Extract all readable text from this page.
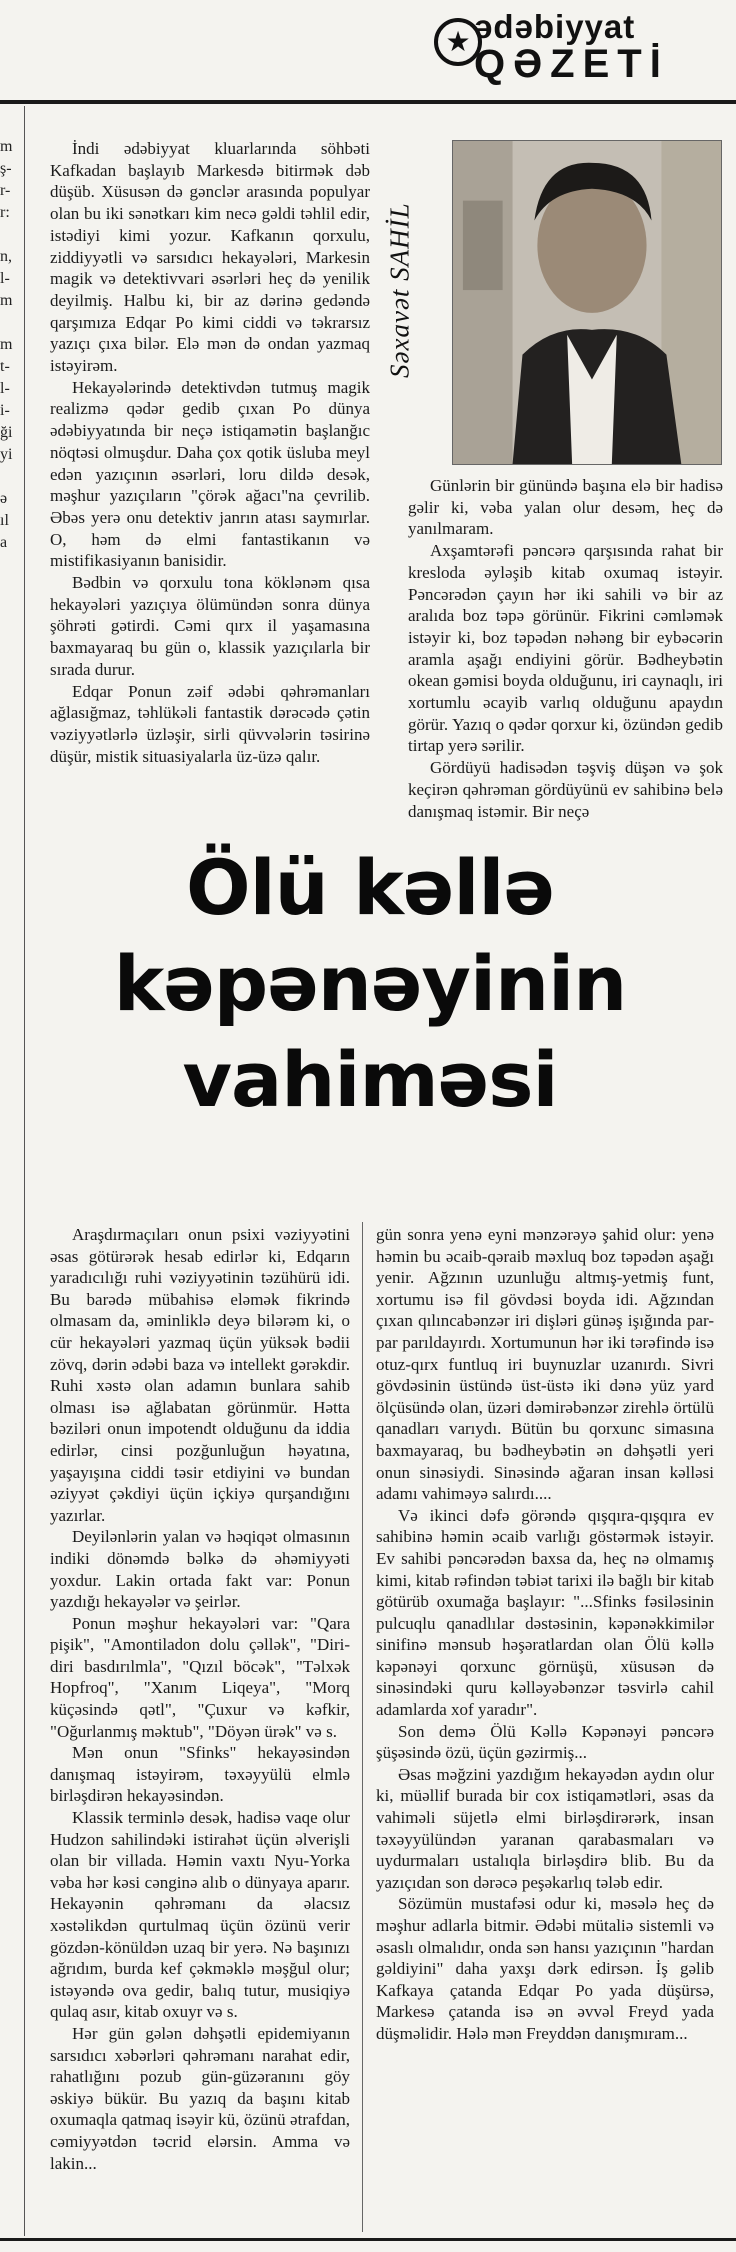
★ ədəbiyyat
QƏZETİ
m
ş-
r-
r:
n,
l-
m
m
t-
l-
i-
ği
yi
ə
ıl
a

İndi ədəbiyyat kluarlarında söhbəti Kafkadan başlayıb Markesdə bitirmək dəb düşüb. Xüsusən də gənclər arasında populyar olan bu iki sənətkarı kim necə gəldi təhlil edir, istədiyi kimi yozur. Kafkanın qorxulu, ziddiyyətli və sarsıdıcı hekayələri, Markesin magik və detektivvari əsərləri heç də yenilik deyilmiş. Halbu ki, bir az dərinə gedəndə qarşımıza Edqar Po kimi ciddi və təkrarsız yazıçı çıxa bilər. Elə mən də ondan yazmaq istəyirəm.

Hekayələrində detektivdən tutmuş magik realizmə qədər gedib çıxan Po dünya ədəbiyyatında bir neçə istiqamətin başlanğıc nöqtəsi olmuşdur. Daha çox qotik üsluba meyl edən yazıçının əsərləri, loru dildə desək, məşhur yazıçıların "çörək ağacı"na çevrilib. Əbəs yerə onu detektiv janrın atası saymırlar. O, həm də elmi fantastikanın və mistifikasiyanın banisidir.

Bədbin və qorxulu tona köklənəm qısa hekayələri yazıçıya ölümündən sonra dünya şöhrəti gətirdi. Cəmi qırx il yaşamasına baxmayaraq bu gün o, klassik yazıçılarla bir sırada durur.

Edqar Ponun zəif ədəbi qəhrəmanları ağlasığmaz, təhlükəli fantastik dərəcədə çətin vəziyyətlərlə üzləşir, sirli qüvvələrin təsirinə düşür, mistik situasiyalarla üz-üzə qalır.

Səxavət SAHİL

Günlərin bir günündə başına elə bir hadisə gəlir ki, vəba yalan olur desəm, heç də yanılmaram.

Axşamtərəfi pəncərə qarşısında rahat bir kresloda əyləşib kitab oxumaq istəyir. Pəncərədən çayın hər iki sahili və bir az aralıda boz təpə görünür. Fikrini cəmləmək istəyir ki, boz təpədən nəhəng bir eybəcərin aramla aşağı endiyini görür. Bədheybətin okean gəmisi boyda olduğunu, iri caynaqlı, iri xortumlu əcayib varlıq olduğunu apaydın görür. Yazıq o qədər qorxur ki, özündən gedib tirtap yerə sərilir.

Gördüyü hadisədən təşviş düşən və şok keçirən qəhrəman gördüyünü ev sahibinə belə danışmaq istəmir. Bir neçə

Ölü kəllə
kəpənəyinin
vahiməsi

Araşdırmaçıları onun psixi vəziyyətini əsas götürərək hesab edirlər ki, Edqarın yaradıcılığı ruhi vəziyyətinin təzühürü idi. Bu barədə mübahisə eləmək fikrində olmasam da, əminliklə deyə bilərəm ki, o cür hekayələri yazmaq üçün yüksək bədii zövq, dərin ədəbi baza və intellekt gərəkdir. Ruhi xəstə olan adamın bunlara sahib olması isə ağlabatan görünmür. Hətta bəziləri onun impotendt olduğunu da iddia edirlər, cinsi pozğunluğun həyatına, yaşayışına ciddi təsir etdiyini və bundan əziyyət çəkdiyi üçün içkiyə qurşandığını yazırlar.

Deyilənlərin yalan və həqiqət olmasının indiki dönəmdə bəlkə də əhəmiyyəti yoxdur. Lakin ortada fakt var: Ponun yazdığı hekayələr və şeirlər.

Ponun məşhur hekayələri var: "Qara pişik", "Amontiladon dolu çəllək", "Diri-diri basdırılmla", "Qızıl böcək", "Təlxək Hopfroq", "Xanım Liqeya", "Morq küçəsində qətl", "Çuxur və kəfkir, "Oğurlanmış məktub", "Döyən ürək" və s.

Mən onun "Sfinks" hekayəsindən danışmaq istəyirəm, təxəyyülü elmlə birləşdirən hekayəsindən.

Klassik terminlə desək, hadisə vaqe olur Hudzon sahilindəki istirahət üçün əlverişli olan bir villada. Həmin vaxtı Nyu-Yorka vəba hər kəsi cənginə alıb o dünyaya aparır. Hekayənin qəhrəmanı da əlacsız xəstəlikdən qurtulmaq üçün özünü verir gözdən-könüldən uzaq bir yerə. Nə başınızı ağrıdım, burda kef çəkməklə məşğul olur; istəyəndə ova gedir, balıq tutur, musiqiyə qulaq asır, kitab oxuyr və s.

Hər gün gələn dəhşətli epidemiyanın sarsıdıcı xəbərləri qəhrəmanı narahat edir, rahatlığını pozub gün-güzəranını göy əskiyə bükür. Bu yazıq da başını kitab oxumaqla qatmaq isəyir kü, özünü ətrafdan, cəmiyyətdən təcrid elərsin. Amma və lakin...

gün sonra yenə eyni mənzərəyə şahid olur: yenə həmin bu əcaib-qəraib məxluq boz təpədən aşağı yenir. Ağzının uzunluğu altmış-yetmiş funt, xortumu isə fil gövdəsi boyda idi. Ağzından çıxan qılıncabənzər iri dişləri günəş işığında par-par parıldayırdı. Xortumunun hər iki tərəfində isə otuz-qırx funtluq iri buynuzlar uzanırdı. Sivri gövdəsinin üstündə üst-üstə iki dənə yüz yard ölçüsündə olan, üzəri dəmirəbənzər zirehlə örtülü qanadları varıydı. Bütün bu qorxunc simasına baxmayaraq, bu bədheybətin ən dəhşətli yeri onun sinəsiydi. Sinəsində ağaran insan kəlləsi adamı vahiməyə salırdı....

Və ikinci dəfə görəndə qışqıra-qışqıra ev sahibinə həmin əcaib varlığı göstərmək istəyir. Ev sahibi pəncərədən baxsa da, heç nə olmamış kimi, kitab rəfindən təbiət tarixi ilə bağlı bir kitab götürüb oxumağa başlayır: "...Sfinks fəsiləsinin pulcuqlu qanadlılar dəstəsinin, kəpənəkkimilər sinifinə mənsub həşəratlardan olan Ölü kəllə kəpənəyi qorxunc görnüşü, xüsusən də sinəsindəki quru kəlləyəbənzər təsvirlə cahil adamlarda xof yaradır".

Son demə Ölü Kəllə Kəpənəyi pəncərə şüşəsində özü, üçün gəzirmiş...

Əsas məğzini yazdığım hekayədən aydın olur ki, müəllif burada bir cox istiqamətləri, əsas da vahiməli süjetlə elmi birləşdirərərk, insan təxəyyülündən yaranan qarabasmaları və uydurmaları ustalıqla birləşdirə blib. Bu da yazıçıdan son dərəcə peşəkarlıq tələb edir.

Sözümün mustafəsi odur ki, məsələ heç də məşhur adlarla bitmir. Ədəbi mütaliə sistemli və əsaslı olmalıdır, onda sən hansı yazıçının "hardan gəldiyini" daha yaxşı dərk edirsən. İş gəlib Kafkaya çatanda Edqar Po yada düşürsə, Markesə çatanda isə ən əvvəl Freyd yada düşməlidir. Hələ mən Freyddən danışmıram...
